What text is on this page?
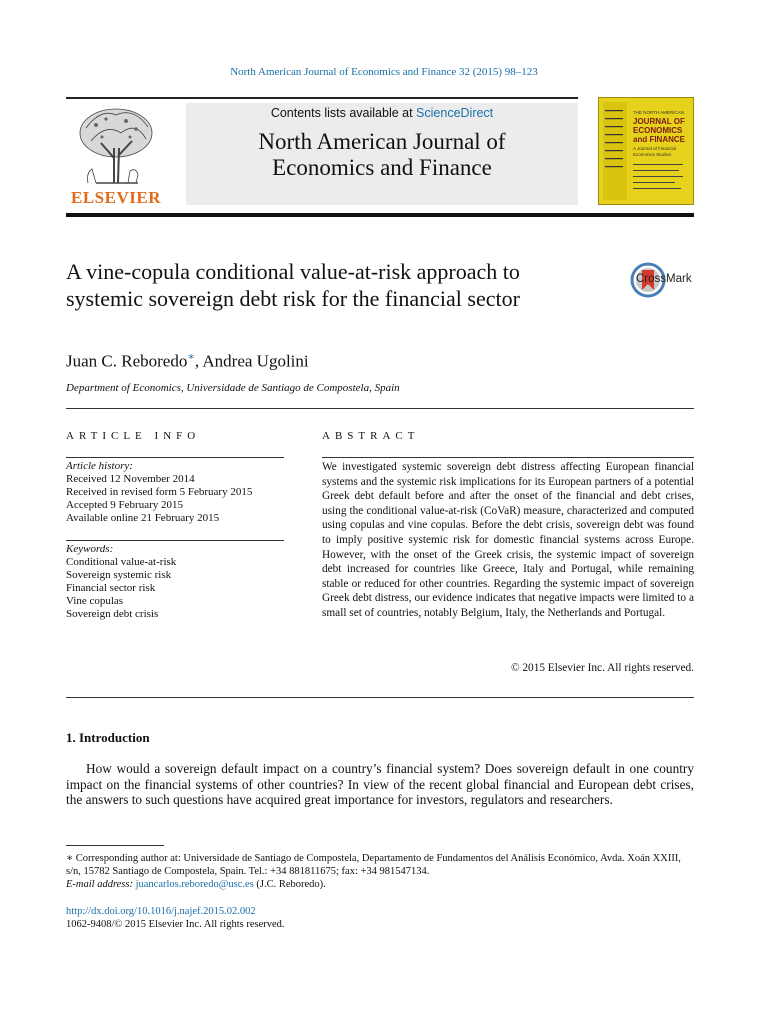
North American Journal of Economics and Finance 32 (2015) 98–123
ELSEVIER
Contents lists available at ScienceDirect
North American Journal of
Economics and Finance
THE NORTH AMERICAN
JOURNAL OF
ECONOMICS
and FINANCE
A Journal of Financial
Economics Studies
A vine-copula conditional value-at-risk approach to systemic sovereign debt risk for the financial sector
CrossMark
Juan C. Reboredo∗, Andrea Ugolini
Department of Economics, Universidade de Santiago de Compostela, Spain
ARTICLE INFO	ABSTRACT
Article history:
Received 12 November 2014
Received in revised form 5 February 2015
Accepted 9 February 2015
Available online 21 February 2015
Keywords:
Conditional value-at-risk
Sovereign systemic risk
Financial sector risk
Vine copulas
Sovereign debt crisis
We investigated systemic sovereign debt distress affecting European financial systems and the systemic risk implications for its European partners of a potential Greek debt default before and after the onset of the financial and debt crises, using the conditional value-at-risk (CoVaR) measure, characterized and computed using copulas and vine copulas. Before the debt crisis, sovereign debt was found to imply positive systemic risk for domestic financial systems across Europe. However, with the onset of the Greek crisis, the systemic impact of sovereign debt increased for countries like Greece, Italy and Portugal, while remaining stable or reduced for other countries. Regarding the systemic impact of sovereign Greek debt distress, our evidence indicates that negative impacts were limited to a small set of countries, notably Belgium, Italy, the Netherlands and Portugal.
© 2015 Elsevier Inc. All rights reserved.
1. Introduction
How would a sovereign default impact on a country’s financial system? Does sovereign default in one country impact on the financial systems of other countries? In view of the recent global financial and European debt crises, the answers to such questions have acquired great importance for investors, regulators and researchers.
∗ Corresponding author at: Universidade de Santiago de Compostela, Departamento de Fundamentos del Análisis Económico, Avda. Xoán XXIII, s/n, 15782 Santiago de Compostela, Spain. Tel.: +34 881811675; fax: +34 981547134.
E-mail address: juancarlos.reboredo@usc.es (J.C. Reboredo).
http://dx.doi.org/10.1016/j.najef.2015.02.002
1062-9408/© 2015 Elsevier Inc. All rights reserved.
